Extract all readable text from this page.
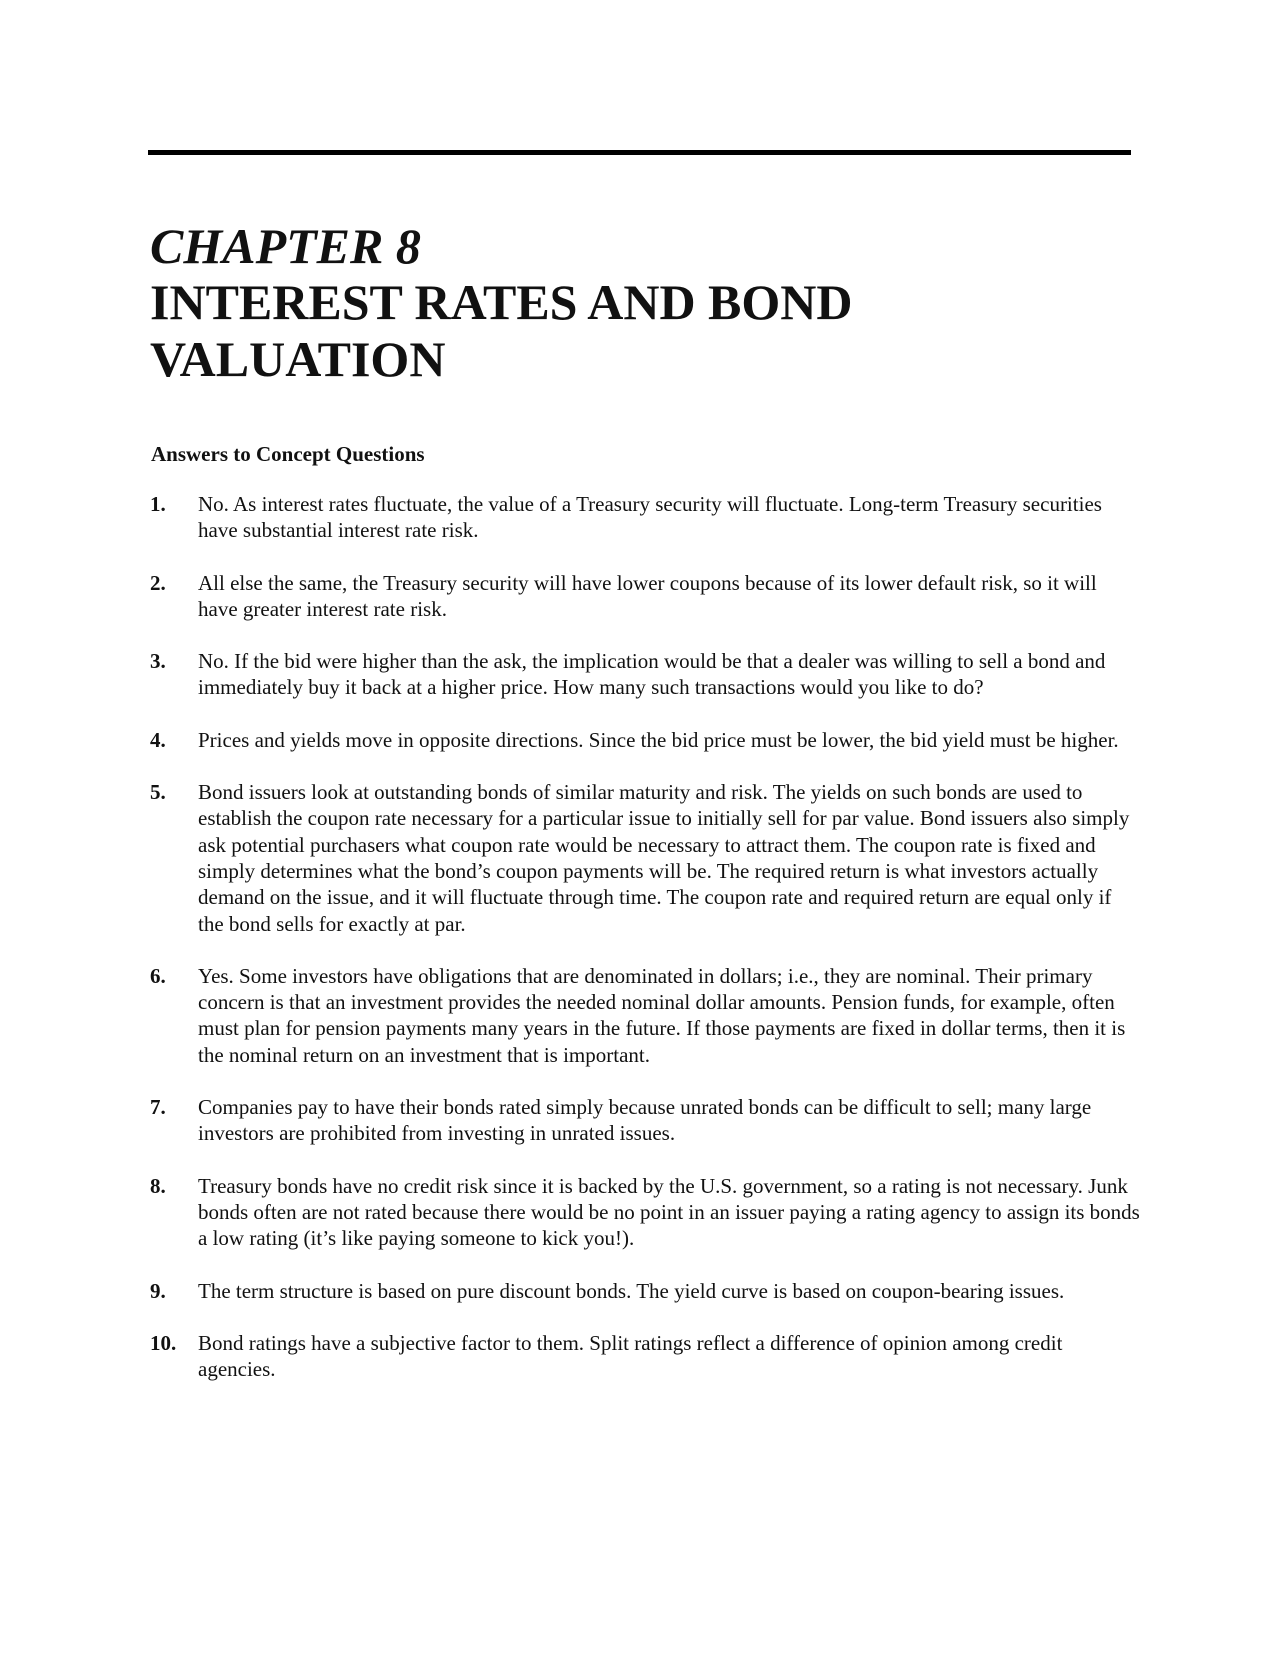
CHAPTER 8
INTEREST RATES AND BOND VALUATION
Answers to Concept Questions
1. No. As interest rates fluctuate, the value of a Treasury security will fluctuate. Long-term Treasury securities have substantial interest rate risk.
2. All else the same, the Treasury security will have lower coupons because of its lower default risk, so it will have greater interest rate risk.
3. No. If the bid were higher than the ask, the implication would be that a dealer was willing to sell a bond and immediately buy it back at a higher price. How many such transactions would you like to do?
4. Prices and yields move in opposite directions. Since the bid price must be lower, the bid yield must be higher.
5. Bond issuers look at outstanding bonds of similar maturity and risk. The yields on such bonds are used to establish the coupon rate necessary for a particular issue to initially sell for par value. Bond issuers also simply ask potential purchasers what coupon rate would be necessary to attract them. The coupon rate is fixed and simply determines what the bond’s coupon payments will be. The required return is what investors actually demand on the issue, and it will fluctuate through time. The coupon rate and required return are equal only if the bond sells for exactly at par.
6. Yes. Some investors have obligations that are denominated in dollars; i.e., they are nominal. Their primary concern is that an investment provides the needed nominal dollar amounts. Pension funds, for example, often must plan for pension payments many years in the future. If those payments are fixed in dollar terms, then it is the nominal return on an investment that is important.
7. Companies pay to have their bonds rated simply because unrated bonds can be difficult to sell; many large investors are prohibited from investing in unrated issues.
8. Treasury bonds have no credit risk since it is backed by the U.S. government, so a rating is not necessary. Junk bonds often are not rated because there would be no point in an issuer paying a rating agency to assign its bonds a low rating (it’s like paying someone to kick you!).
9. The term structure is based on pure discount bonds. The yield curve is based on coupon-bearing issues.
10. Bond ratings have a subjective factor to them. Split ratings reflect a difference of opinion among credit agencies.
